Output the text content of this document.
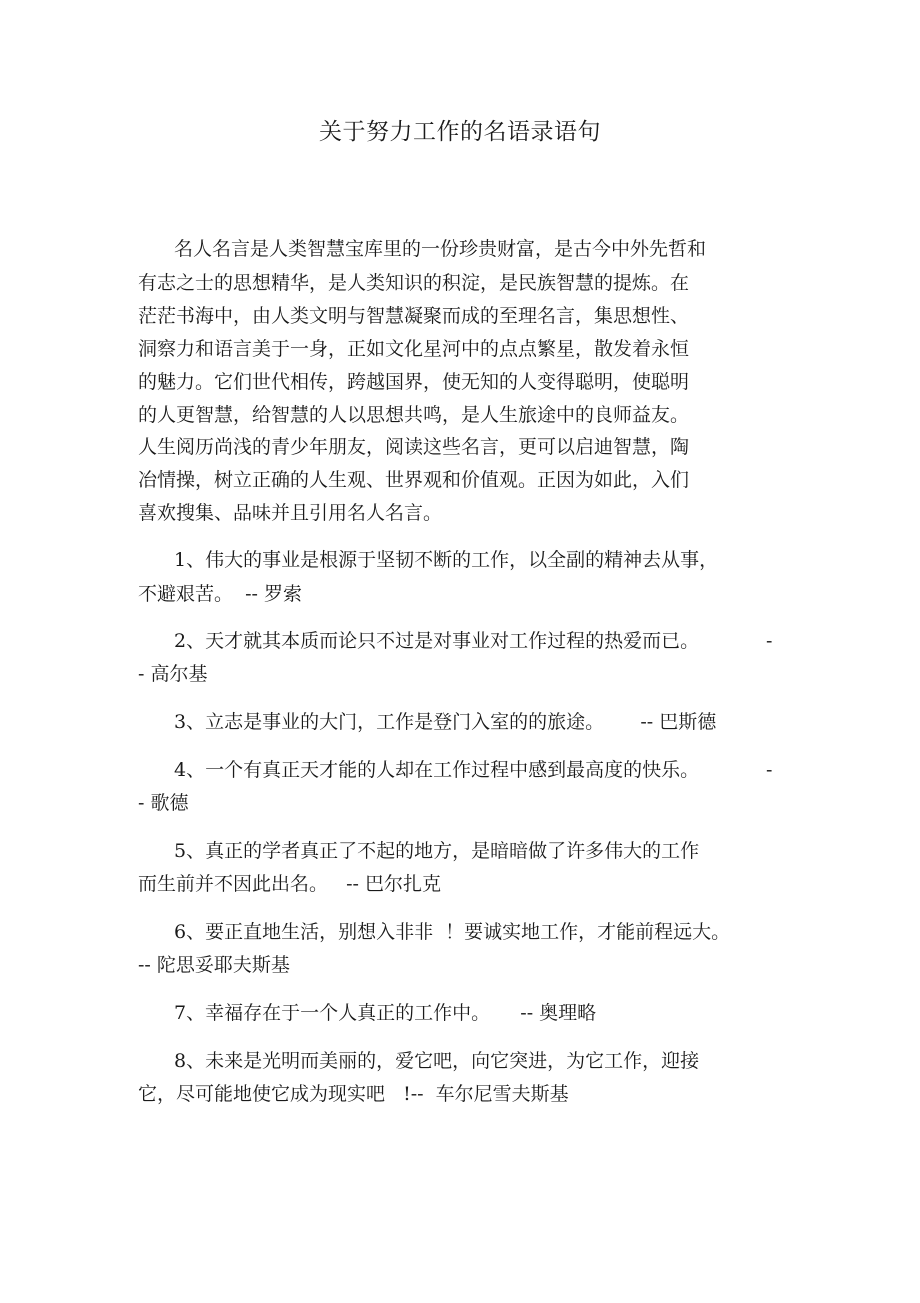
关于努力工作的名语录语句
名人名言是人类智慧宝库里的一份珍贵财富，是古今中外先哲和
有志之士的思想精华，是人类知识的积淀，是民族智慧的提炼。在
茫茫书海中，由人类文明与智慧凝聚而成的至理名言，集思想性、
洞察力和语言美于一身，正如文化星河中的点点繁星，散发着永恒
的魅力。它们世代相传，跨越国界，使无知的人变得聪明，使聪明
的人更智慧，给智慧的人以思想共鸣，是人生旅途中的良师益友。
人生阅历尚浅的青少年朋友，阅读这些名言，更可以启迪智慧，陶
冶情操，树立正确的人生观、世界观和价值观。正因为如此，入们
喜欢搜集、品味并且引用名人名言。
1、伟大的事业是根源于坚韧不断的工作，以全副的精神去从事，
不避艰苦。  -- 罗索
2、天才就其本质而论只不过是对事业对工作过程的热爱而已。	-
- 高尔基
3、立志是事业的大门，工作是登门入室的的旅途。      -- 巴斯德
4、一个有真正天才能的人却在工作过程中感到最高度的快乐。	-
- 歌德
5、真正的学者真正了不起的地方，是暗暗做了许多伟大的工作
而生前并不因此出名。   -- 巴尔扎克
6、要正直地生活，别想入非非  ！要诚实地工作，才能前程远大。
-- 陀思妥耶夫斯基
7、幸福存在于一个人真正的工作中。     -- 奥理略
8、未来是光明而美丽的，爱它吧，向它突进，为它工作，迎接
它，尽可能地使它成为现实吧   !--  车尔尼雪夫斯基
